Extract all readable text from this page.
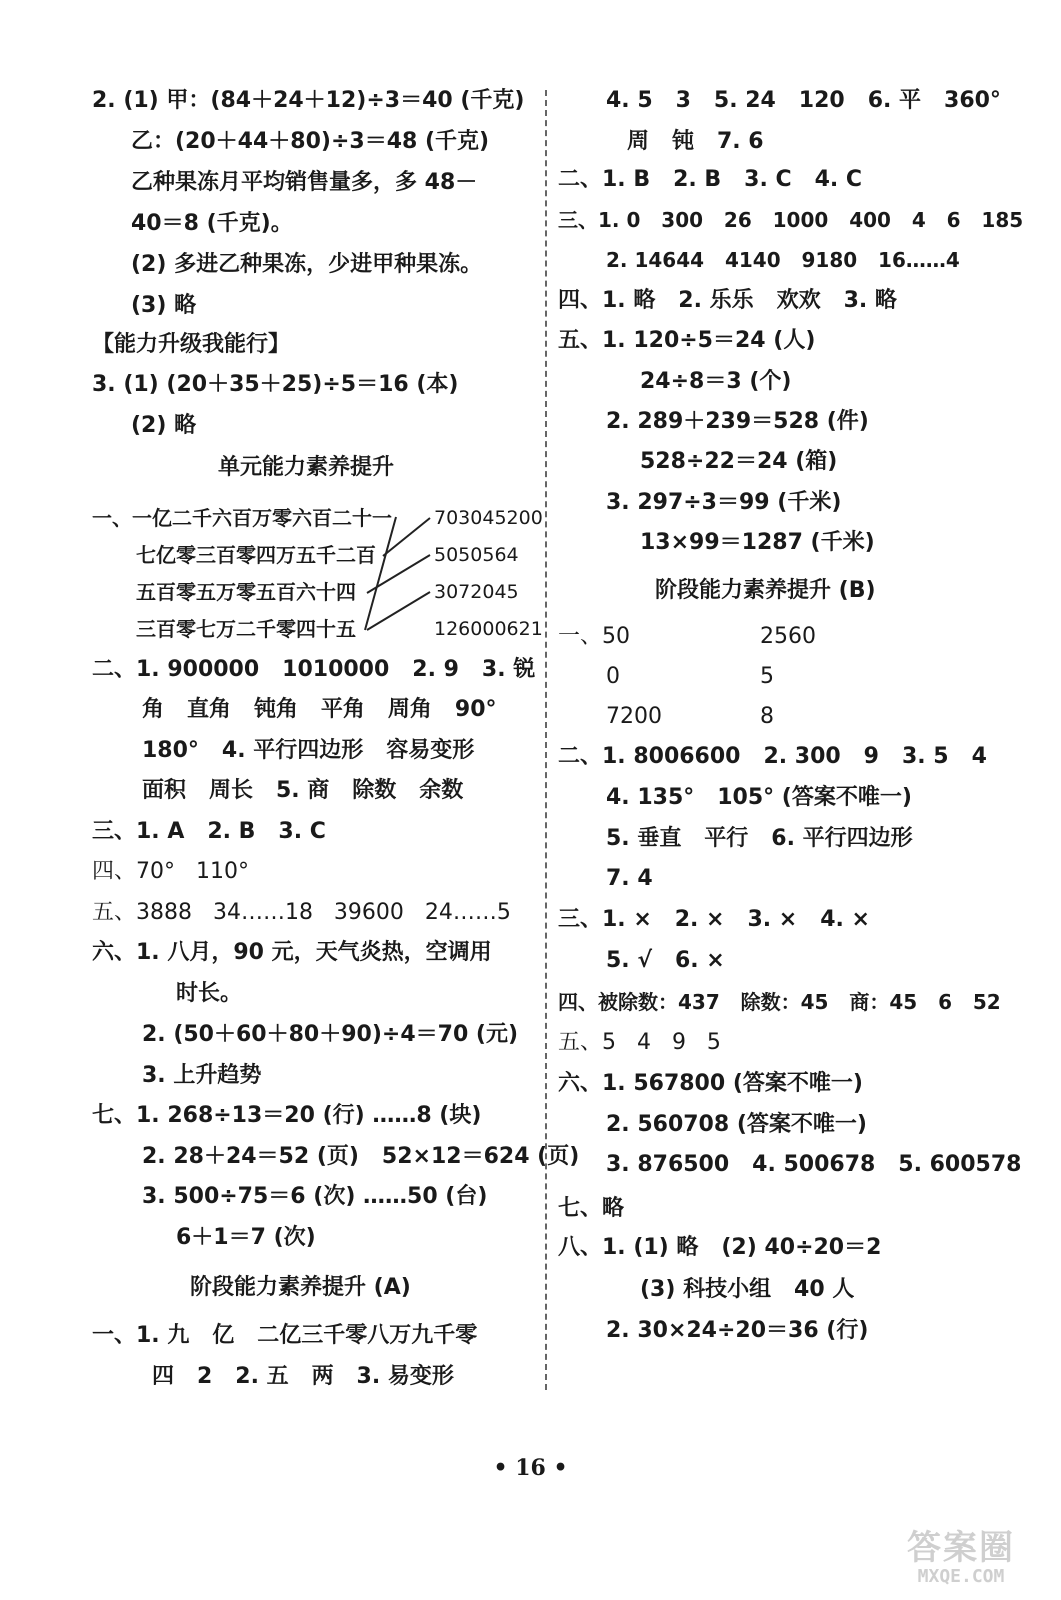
2. (1) 甲：(84＋24＋12)÷3＝40 (千克)
乙：(20＋44＋80)÷3＝48 (千克)
乙种果冻月平均销售量多，多 48－
40＝8 (千克)。
(2) 多进乙种果冻，少进甲种果冻。
(3) 略
【能力升级我能行】
3. (1) (20＋35＋25)÷5＝16 (本)
(2) 略
单元能力素养提升
一、一亿二千六百万零六百二十一
七亿零三百零四万五千二百
五百零五万零五百六十四
三百零七万二千零四十五
703045200
5050564
3072045
126000621
二、1. 900000   1010000   2. 9   3. 锐
角   直角   钝角   平角   周角   90°
180°   4. 平行四边形   容易变形
面积   周长   5. 商   除数   余数
三、1. A   2. B   3. C
四、70°   110°
五、3888   34……18   39600   24……5
六、1. 八月，90 元，天气炎热，空调用
时长。
2. (50＋60＋80＋90)÷4＝70 (元)
3. 上升趋势
七、1. 268÷13＝20 (行) ……8 (块)
2. 28＋24＝52 (页)   52×12＝624 (页)
3. 500÷75＝6 (次) ……50 (台)
6＋1＝7 (次)
阶段能力素养提升 (A)
一、1. 九   亿   二亿三千零八万九千零
四   2   2. 五   两   3. 易变形
4. 5   3   5. 24   120   6. 平   360°
周   钝   7. 6
二、1. B   2. B   3. C   4. C
三、1. 0   300   26   1000   400   4   6   185
2. 14644   4140   9180   16……4
四、1. 略   2. 乐乐   欢欢   3. 略
五、1. 120÷5＝24 (人)
24÷8＝3 (个)
2. 289＋239＝528 (件)
528÷22＝24 (箱)
3. 297÷3＝99 (千米)
13×99＝1287 (千米)
阶段能力素养提升 (B)
一、50	2560
0	5
7200	8
二、1. 8006600   2. 300   9   3. 5   4
4. 135°   105° (答案不唯一)
5. 垂直   平行   6. 平行四边形
7. 4
三、1. ×   2. ×   3. ×   4. ×
5. √   6. ×
四、被除数：437   除数：45   商：45   6   52
五、5   4   9   5
六、1. 567800 (答案不唯一)
2. 560708 (答案不唯一)
3. 876500   4. 500678   5. 600578
七、略
八、1. (1) 略   (2) 40÷20＝2
(3) 科技小组   40 人
2. 30×24÷20＝36 (行)
• 16 •
答案圈
MXQE.COM
